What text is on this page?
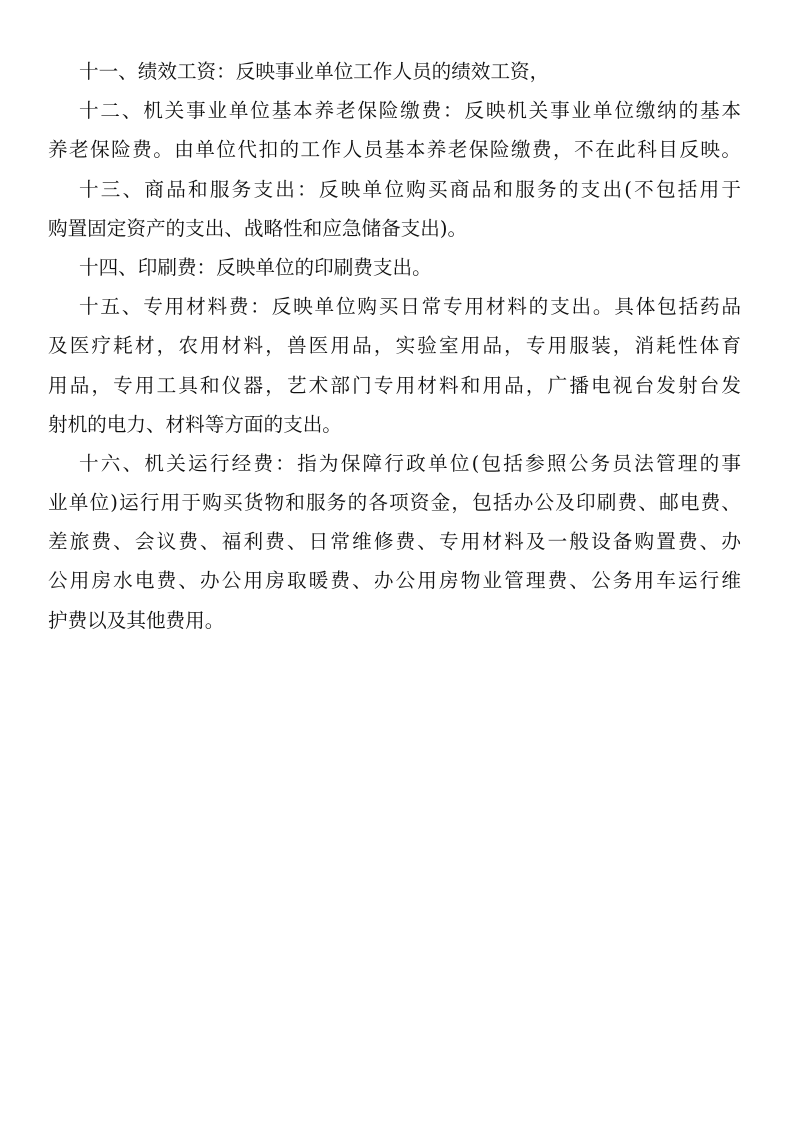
十一、绩效工资：反映事业单位工作人员的绩效工资，
十二、机关事业单位基本养老保险缴费：反映机关事业单位缴纳的基本
养老保险费。由单位代扣的工作人员基本养老保险缴费，不在此科目反映。
十三、商品和服务支出：反映单位购买商品和服务的支出(不包括用于
购置固定资产的支出、战略性和应急储备支出)。
十四、印刷费：反映单位的印刷费支出。
十五、专用材料费：反映单位购买日常专用材料的支出。具体包括药品
及医疗耗材，农用材料，兽医用品，实验室用品，专用服装，消耗性体育
用品，专用工具和仪器，艺术部门专用材料和用品，广播电视台发射台发
射机的电力、材料等方面的支出。
十六、机关运行经费：指为保障行政单位(包括参照公务员法管理的事
业单位)运行用于购买货物和服务的各项资金，包括办公及印刷费、邮电费、
差旅费、会议费、福利费、日常维修费、专用材料及一般设备购置费、办
公用房水电费、办公用房取暖费、办公用房物业管理费、公务用车运行维
护费以及其他费用。
